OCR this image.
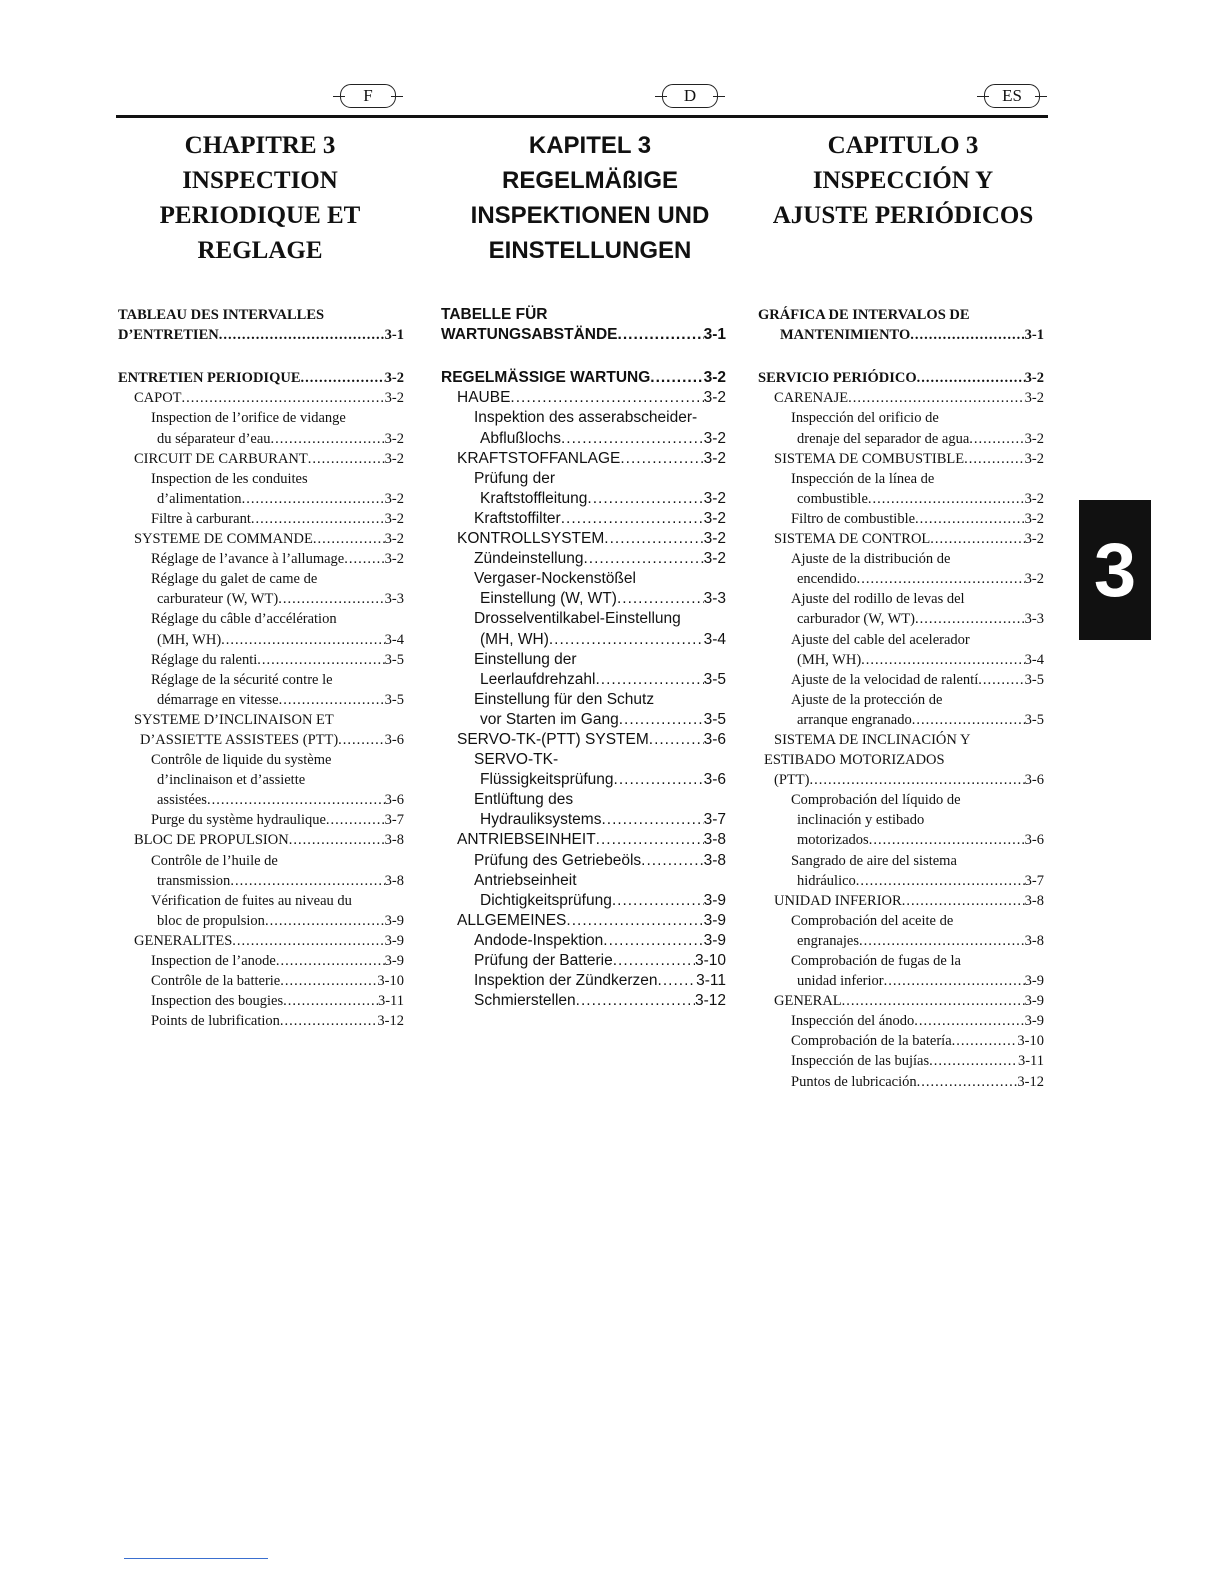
F	D	ES
CHAPITRE 3
INSPECTION
PERIODIQUE ET
REGLAGE
KAPITEL 3
REGELMÄßIGE
INSPEKTIONEN UND
EINSTELLUNGEN
CAPITULO 3
INSPECCIÓN Y
AJUSTE PERIÓDICOS
TABLEAU DES INTERVALLES
D’ENTRETIEN .....	3-1
ENTRETIEN PERIODIQUE .....	3-2
CAPOT .....	3-2
Inspection de l’orifice de vidange
du séparateur d’eau .....	3-2
CIRCUIT DE CARBURANT .....	3-2
Inspection de les conduites
d’alimentation .....	3-2
Filtre à carburant .....	3-2
SYSTEME DE COMMANDE .....	3-2
Réglage de l’avance à l’allumage .....	3-2
Réglage du galet de came de
carburateur (W, WT) .....	3-3
Réglage du câble d’accélération
(MH, WH) .....	3-4
Réglage du ralenti .....	3-5
Réglage de la sécurité contre le
démarrage en vitesse .....	3-5
SYSTEME D’INCLINAISON ET
D’ASSIETTE ASSISTEES (PTT) .....	3-6
Contrôle de liquide du système
d’inclinaison et d’assiette
assistées .....	3-6
Purge du système hydraulique .....	3-7
BLOC DE PROPULSION .....	3-8
Contrôle de l’huile de
transmission .....	3-8
Vérification de fuites au niveau du
bloc de propulsion .....	3-9
GENERALITES .....	3-9
Inspection de l’anode .....	3-9
Contrôle de la batterie .....	3-10
Inspection des bougies .....	3-11
Points de lubrification .....	3-12
TABELLE FÜR
WARTUNGSABSTÄNDE .....	3-1
REGELMÄSSIGE WARTUNG .....	3-2
HAUBE .....	3-2
Inspektion des asserabscheider-
Abflußlochs .....	3-2
KRAFTSTOFFANLAGE .....	3-2
Prüfung der
Kraftstoffleitung .....	3-2
Kraftstoffilter .....	3-2
KONTROLLSYSTEM .....	3-2
Zündeinstellung .....	3-2
Vergaser-Nockenstößel
Einstellung (W, WT) .....	3-3
Drosselventilkabel-Einstellung
(MH, WH) .....	3-4
Einstellung der
Leerlaufdrehzahl .....	3-5
Einstellung für den Schutz
vor Starten im Gang .....	3-5
SERVO-TK-(PTT) SYSTEM .....	3-6
SERVO-TK-
Flüssigkeitsprüfung .....	3-6
Entlüftung des
Hydrauliksystems .....	3-7
ANTRIEBSEINHEIT .....	3-8
Prüfung des Getriebeöls .....	3-8
Antriebseinheit
Dichtigkeitsprüfung .....	3-9
ALLGEMEINES .....	3-9
Andode-Inspektion .....	3-9
Prüfung der Batterie .....	3-10
Inspektion der Zündkerzen ..... 3-11
Schmierstellen .....	3-12
GRÁFICA DE INTERVALOS DE
MANTENIMIENTO .....	3-1
SERVICIO PERIÓDICO .....	3-2
CARENAJE .....	3-2
Inspección del orificio de
drenaje del separador de agua .....	3-2
SISTEMA DE COMBUSTIBLE .....	3-2
Inspección de la línea de
combustible .....	3-2
Filtro de combustible .....	3-2
SISTEMA DE CONTROL .....	3-2
Ajuste de la distribución de
encendido .....	3-2
Ajuste del rodillo de levas del
carburador (W, WT) .....	3-3
Ajuste del cable del acelerador
(MH, WH) .....	3-4
Ajuste de la velocidad de ralentí .....	3-5
Ajuste de la protección de
arranque engranado .....	3-5
SISTEMA DE INCLINACIÓN Y
ESTIBADO MOTORIZADOS
(PTT) .....	3-6
Comprobación del líquido de
inclinación y estibado
motorizados .....	3-6
Sangrado de aire del sistema
hidráulico .....	3-7
UNIDAD INFERIOR .....	3-8
Comprobación del aceite de
engranajes .....	3-8
Comprobación de fugas de la
unidad inferior .....	3-9
GENERAL .....	3-9
Inspección del ánodo .....	3-9
Comprobación de la batería .....	3-10
Inspección de las bujías .....	3-11
Puntos de lubricación .....	3-12
3
